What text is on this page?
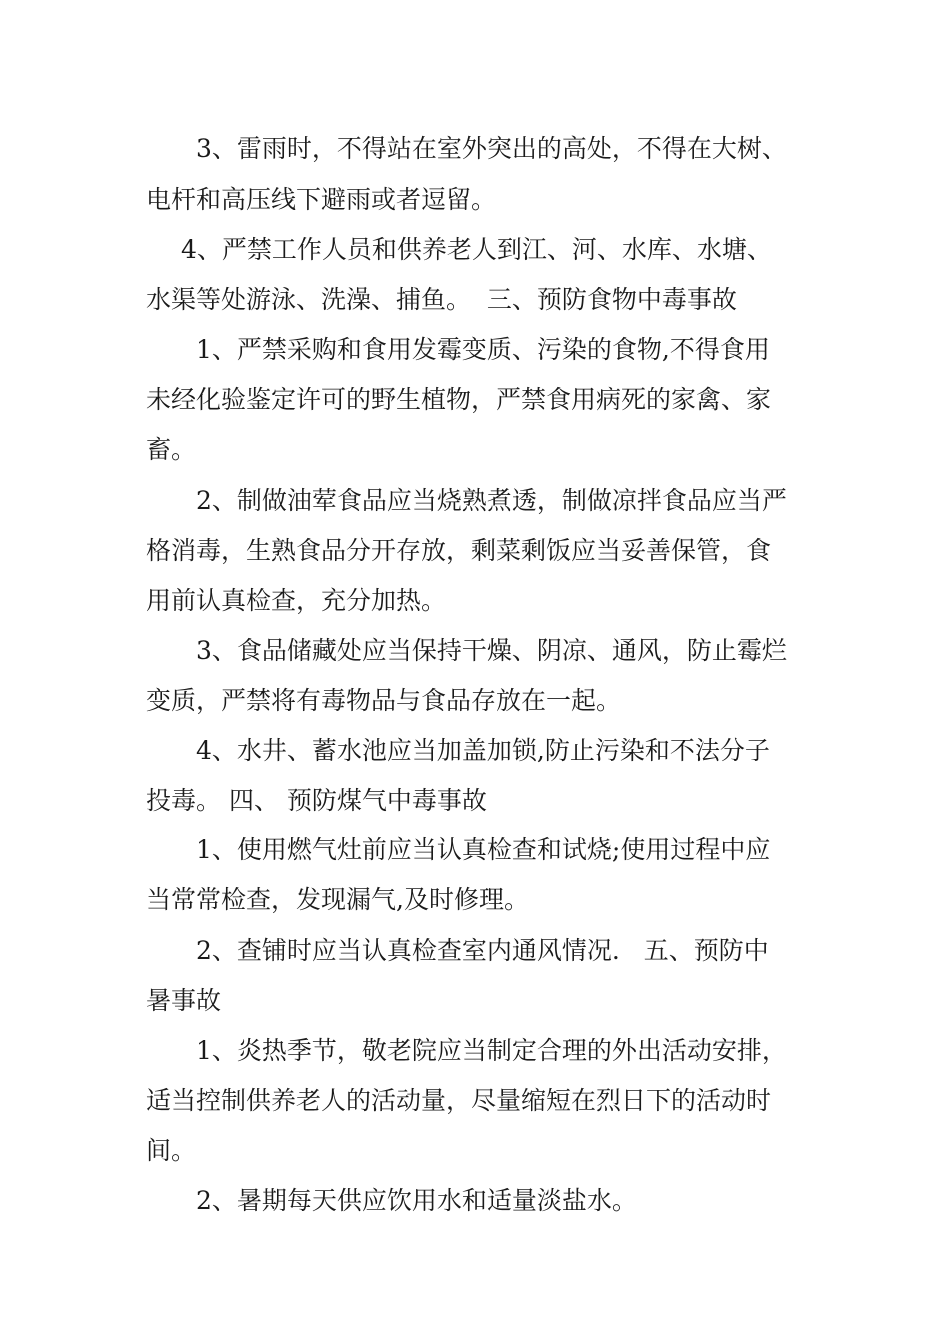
3、雷雨时，不得站在室外突出的高处，不得在大树、
电杆和高压线下避雨或者逗留。
4、严禁工作人员和供养老人到江、河、水库、水塘、
水渠等处游泳、洗澡、捕鱼。  三、预防食物中毒事故
1、严禁采购和食用发霉变质、污染的食物,不得食用
未经化验鉴定许可的野生植物，严禁食用病死的家禽、家
畜。
2、制做油荤食品应当烧熟煮透，制做凉拌食品应当严
格消毒，生熟食品分开存放，剩菜剩饭应当妥善保管，食
用前认真检查，充分加热。
3、食品储藏处应当保持干燥、阴凉、通风，防止霉烂
变质，严禁将有毒物品与食品存放在一起。
4、水井、蓄水池应当加盖加锁,防止污染和不法分子
投毒。 四、 预防煤气中毒事故
1、使用燃气灶前应当认真检查和试烧;使用过程中应
当常常检查，发现漏气,及时修理。
2、查铺时应当认真检查室内通风情况.   五、预防中
暑事故
1、炎热季节，敬老院应当制定合理的外出活动安排，
适当控制供养老人的活动量，尽量缩短在烈日下的活动时
间。
2、暑期每天供应饮用水和适量淡盐水。
